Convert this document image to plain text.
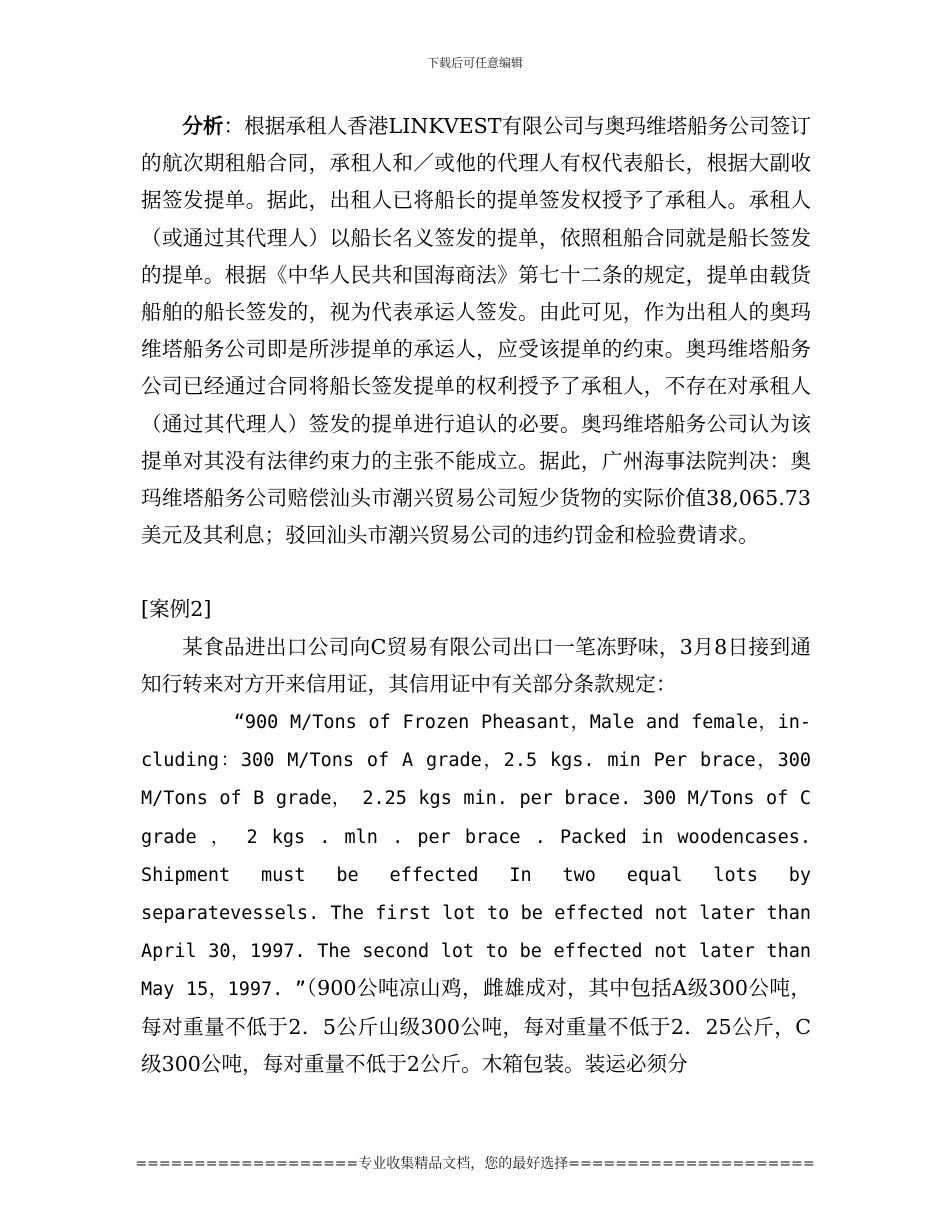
下载后可任意编辑

分析：根据承租人香港LINKVEST有限公司与奥玛维塔船务公司签订的航次期租船合同，承租人和／或他的代理人有权代表船长，根据大副收据签发提单。据此，出租人已将船长的提单签发权授予了承租人。承租人（或通过其代理人）以船长名义签发的提单，依照租船合同就是船长签发的提单。根据《中华人民共和国海商法》第七十二条的规定，提单由载货船舶的船长签发的，视为代表承运人签发。由此可见，作为出租人的奥玛维塔船务公司即是所涉提单的承运人，应受该提单的约束。奥玛维塔船务公司已经通过合同将船长签发提单的权利授予了承租人，不存在对承租人（通过其代理人）签发的提单进行追认的必要。奥玛维塔船务公司认为该提单对其没有法律约束力的主张不能成立。据此，广州海事法院判决：奥玛维塔船务公司赔偿汕头市潮兴贸易公司短少货物的实际价值38,065.73美元及其利息；驳回汕头市潮兴贸易公司的违约罚金和检验费请求。

[案例2]

某食品进出口公司向C贸易有限公司出口一笔冻野味，3月8日接到通知行转来对方开来信用证，其信用证中有关部分条款规定：

“900 M/Tons of Frozen Pheasant，Male and female，in- cluding：300 M/Tons of A grade，2.5 kgs. min Per brace，300 M/Tons of B grade， 2.25 kgs min. per brace. 300 M/Tons of C grade ， 2 kgs . mln . per brace . Packed in woodencases. Shipment must be effected In two equal lots by separatevessels. The first lot to be effected not later than April 30，1997. The second lot to be effected not later than May 15，1997. ”（900公吨凉山鸡，雌雄成对，其中包括A级300公吨，每对重量不低于2．5公斤山级300公吨，每对重量不低于2．25公斤，C级300公吨，每对重量不低于2公斤。木箱包装。装运必须分

===================专业收集精品文档，您的最好选择=====================
